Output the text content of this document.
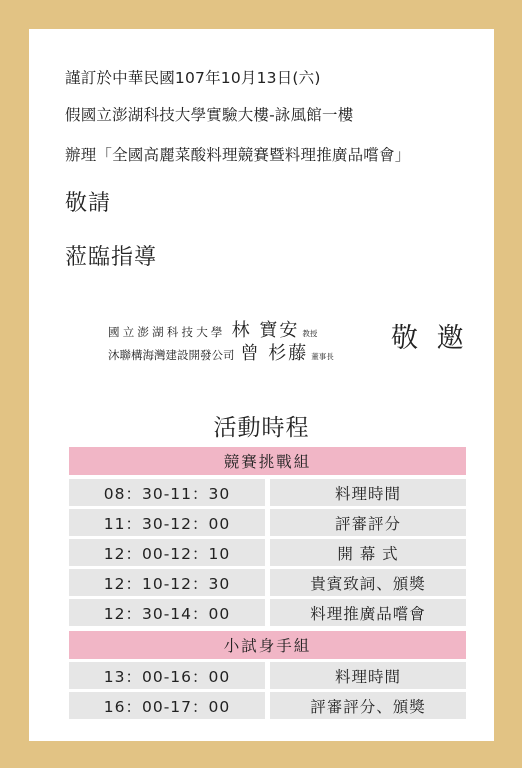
謹訂於中華民國107年10月13日(六)
假國立澎湖科技大學實驗大樓-詠風館一樓
辦理「全國高麗菜酸料理競賽暨料理推廣品嚐會」
敬請
蒞臨指導
國立澎湖科技大學 林 寶安 教授
沐聯構海灣建設開發公司 曾 杉藤 董事長
敬 邀
活動時程
競賽挑戰組
08：30-11：30	料理時間
11：30-12：00	評審評分
12：00-12：10	開 幕 式
12：10-12：30	貴賓致詞、頒獎
12：30-14：00	料理推廣品嚐會
小試身手組
13：00-16：00	料理時間
16：00-17：00	評審評分、頒獎
